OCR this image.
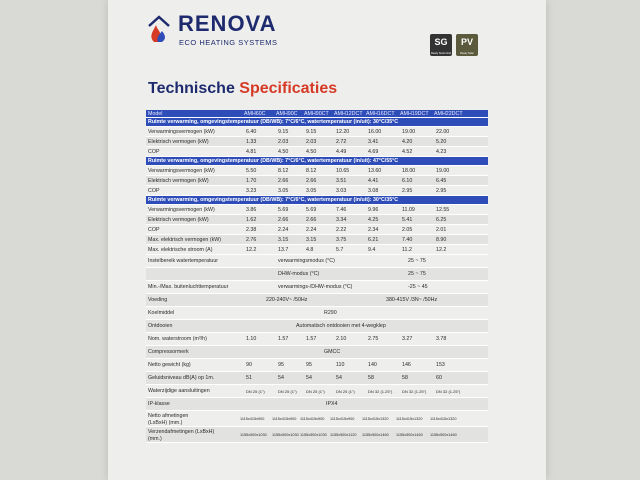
RENOVA
ECO HEATING SYSTEMS	SG
Ready Smart Grid
PV
Ready Solar
Technische Specificaties
Model	AMH60C	AMH90C	AMH90CT AMH12DCT AMH16DCT AMH19DCT AMH22DCT
Ruimte verwarming, omgevingstemperatuur (DB/WB): 7°C/6°C, watertemperatuur (in/uit): 30°C/35°C
Verwarmingsvermogen (kW)	6.40	9.15	9.15	12.20	16.00	19.00	22.00
Elektrisch vermogen (kW)	1.33	2.03	2.03	2.72	3.41	4.20	5.20
COP	4.81	4.50	4.50	4.49	4.69	4.52	4.23
Ruimte verwarming, omgevingstemperatuur (DB/WB): 7°C/6°C, watertemperatuur (in/uit): 47°C/55°C
Verwarmingsvermogen (kW)	5.50	8.12	8.12	10.65	13.60	18.00	19.00
Elektrisch vermogen (kW)	1.70	2.66	2.66	3.51	4.41	6.10	6.45
COP	3.23	3.05	3.05	3.03	3.08	2.95	2.95
Ruimte verwarming, omgevingstemperatuur (DB/WB): 7°C/6°C, watertemperatuur (in/uit): 30°C/35°C
Verwarmingsvermogen (kW)	3.86	5.69	5.69	7.46	9.96	11.09	12.55
Elektrisch vermogen (kW)	1.62	2.66	2.66	3.34	4.25	5.41	6.25
COP	2.38	2.24	2.24	2.22	2.34	2.05	2.01
Max. elektrisch vermogen (kW)	2.76	3.15	3.15	3.75	6.21	7.40	8.90
Max. elektrische stroom (A)	12.2	13.7	4.8	5.7	9.4	11.2	12.2
Instelbereik watertemperatuur	verwarmingsmodus (°C)	25 ~ 75
DHW-modus (°C)	25 ~ 75
Min.-/Max. buitenluchttemperatuur	verwarmings-/DHW-modus (°C)	-25 ~ 45
Voeding	220-240V~ /50Hz	380-415V /3N~ /50Hz
Koelmiddel	R290
Ontdooien	Automatisch ontdooien met 4-wegklep
Nom. waterstroom (m³/h)	1.10	1.57	1.57	2.10	2.75	3.27	3.78
Compressormerk	GMCC
Netto gewicht (kg)	90	95	95	110	140	146	153
Geluidsniveau dB(A) op 1m.	51	54	54	54	58	58	60
Waterzijdige aansluitingen	DN 25 (1")	DN 25 (1")	DN 25 (1")	DN 25 (1")	DN 32 (1.25")	DN 32 (1.25")	DN 32 (1.25")
IP-klasse	IPX4
Netto afmetingen
(LxBxH) (mm.)
1115x415x900	1115x415x900 1115x415x900	1115x415x900	1115x415x1320	1115x415x1320	1115x415x1320
Verzendafmetingen (LxBxH)
(mm.)
1155x500x1030	1155x500x1030 1155x500x1030 1155x500x1120	1155x500x1460	1155x500x1460	1155x500x1460
